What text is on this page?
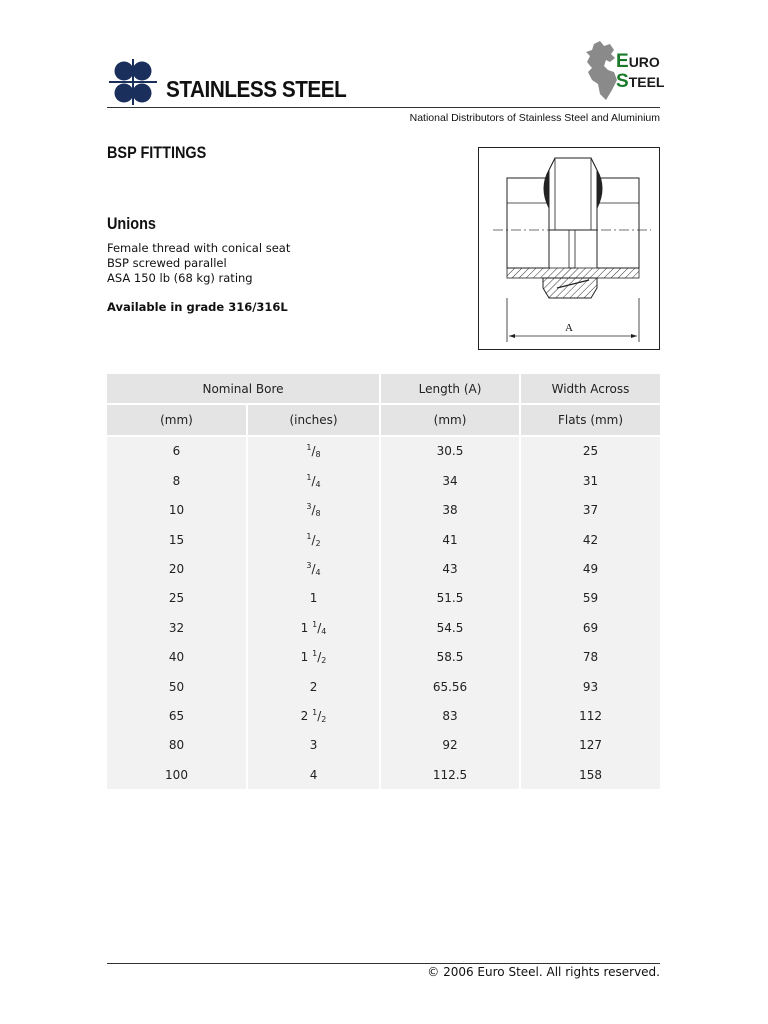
STAINLESS STEEL
EURO
STEEL
National Distributors of Stainless Steel and Aluminium
BSP FITTINGS
Unions
Female thread with conical seat
BSP screwed parallel
ASA 150 lb (68 kg) rating
Available in grade 316/316L
A
Nominal Bore		Length (A)	Width Across
(mm)	(inches)	(mm)	Flats (mm)
6	$^1/_8$	30.5	25
8	$^1/_4$	34	31
10	$^3/_8$	38	37
15	$^1/_2$	41	42
20	$^3/_4$	43	49
25	1	51.5	59
32	1 $^1/_4$	54.5	69
40	1 $^1/_2$	58.5	78
50	2	65.56	93
65	2 $^1/_2$	83	112
80	3	92	127
100	4	112.5	158
© 2006 Euro Steel. All rights reserved.
